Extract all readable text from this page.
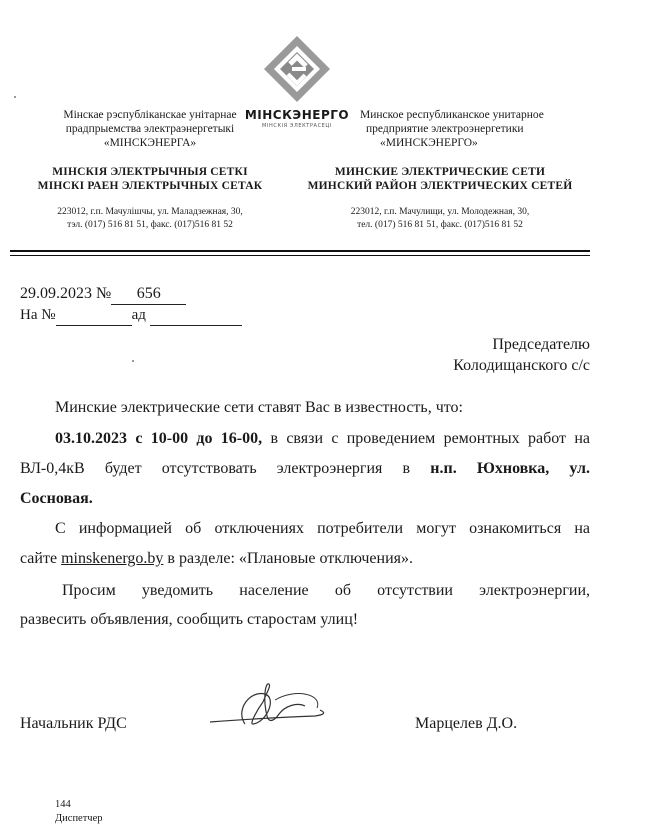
Мінскае рэспубліканскае унітарнае
прадпрыемства электраэнергетыкі
«МІНСКЭНЕРГА»
МІНСКІЯ ЭЛЕКТРЫЧНЫЯ СЕТКІ
МІНСКІ РАЕН ЭЛЕКТРЫЧНЫХ СЕТАК
223012, г.п. Мачулішчы, ул. Маладзежная, 30,
тэл. (017) 516 81 51, факс. (017)516 81 52
МІНСКЭНЕРГО
МІНСКІЯ ЭЛЕКТРАСЕЦІ
Минское республиканское унитарное
предприятие электроэнергетики
«МИНСКЭНЕРГО»
МИНСКИЕ ЭЛЕКТРИЧЕСКИЕ СЕТИ
МИНСКИЙ РАЙОН ЭЛЕКТРИЧЕСКИХ СЕТЕЙ
223012, г.п. Мачулищи, ул. Молодежная, 30,
тел. (017) 516 81 51, факс. (017)516 81 52
29.09.2023 № 656
На №	ад
Председателю
Колодищанского с/с
Минские электрические сети ставят Вас в известность, что:
03.10.2023 с 10-00 до 16-00, в связи с проведением ремонтных работ на
ВЛ-0,4кВ будет отсутствовать электроэнергия в н.п. Юхновка, ул.
Сосновая.
С информацией об отключениях потребители могут ознакомиться на
сайте minskenergo.by в разделе: «Плановые отключения».
Просим уведомить население об отсутствии электроэнергии,
развесить объявления, сообщить старостам улиц!
Начальник РДС	Марцелев Д.О.
144
Диспетчер
